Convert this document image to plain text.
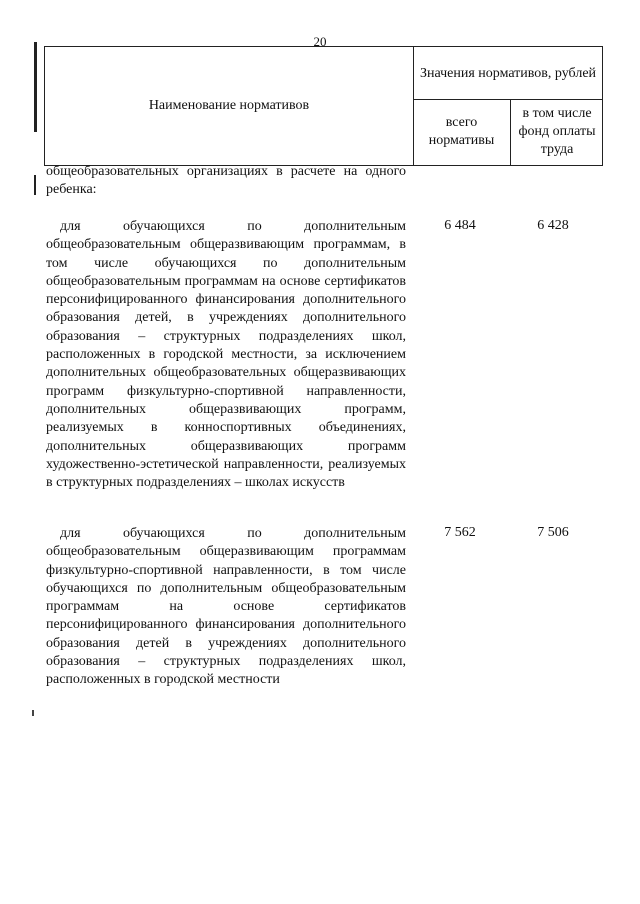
20
Наименование нормативов
Значения нормативов, рублей
всего нормативы
в том числе фонд оплаты труда
общеобразовательных организациях в расчете на одного ребенка:
для обучающихся по дополнительным общеобразовательным общеразвивающим программам, в том числе обучающихся по дополнительным общеобразовательным программам на основе сертификатов персонифицированного финансирования дополнительного образования детей, в учреждениях дополнительного образования – структурных подразделениях школ, расположенных в городской местности, за исключением дополнительных общеобразовательных общеразвивающих программ физкультурно-спортивной направленности, дополнительных общеразвивающих программ, реализуемых в конноспортивных объединениях, дополнительных общеразвивающих программ художественно-эстетической направленности, реализуемых в структурных подразделениях – школах искусств
6 484	6 428
для обучающихся по дополнительным общеобразовательным общеразвивающим программам физкультурно-спортивной направленности, в том числе обучающихся по дополнительным общеобразовательным программам на основе сертификатов персонифицированного финансирования дополнительного образования детей в учреждениях дополнительного образования – структурных подразделениях школ, расположенных в городской местности
7 562	7 506
